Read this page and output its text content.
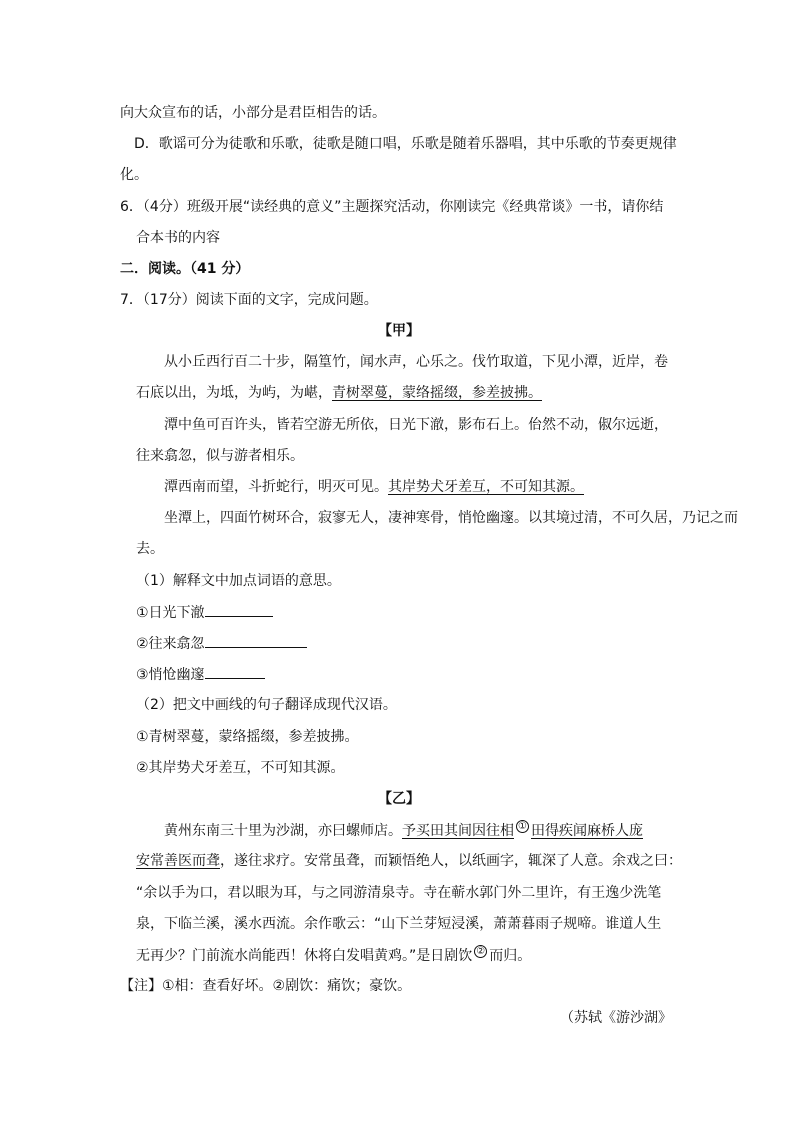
向大众宣布的话，小部分是君臣相告的话。
D．歌谣可分为徒歌和乐歌，徒歌是随口唱，乐歌是随着乐器唱，其中乐歌的节奏更规律
化。
6．（4分）班级开展“读经典的意义”主题探究活动，你刚读完《经典常谈》一书，请你结
合本书的内容
二．阅读。（41 分）
7．（17分）阅读下面的文字，完成问题。
【甲】
从小丘西行百二十步，隔篁竹，闻水声，心乐之。伐竹取道，下见小潭，近岸，卷
石底以出，为坻，为屿，为嵁，青树翠蔓，蒙络摇缀，参差披拂。
潭中鱼可百许头，皆若空游无所依，日光下澈，影布石上。佁然不动，俶尔远逝，
往来翕忽，似与游者相乐。
潭西南而望，斗折蛇行，明灭可见。其岸势犬牙差互，不可知其源。
坐潭上，四面竹树环合，寂寥无人，凄神寒骨，悄怆幽邃。以其境过清，不可久居，乃记之而
去。
（1）解释文中加点词语的意思。
①日光下澈
②往来翕忽
③悄怆幽邃
（2）把文中画线的句子翻译成现代汉语。
①青树翠蔓，蒙络摇缀，参差披拂。
②其岸势犬牙差互，不可知其源。
【乙】
黄州东南三十里为沙湖，亦曰螺师店。予买田其间因往相 ① 田得疾闻麻桥人庞
安常善医而聋，遂往求疗。安常虽聋，而颖悟绝人，以纸画字，辄深了人意。余戏之曰：
“余以手为口，君以眼为耳，与之同游清泉寺。寺在蕲水郭门外二里许，有王逸少洗笔
泉，下临兰溪，溪水西流。余作歌云：“山下兰芽短浸溪，萧萧暮雨子规啼。谁道人生
无再少？门前流水尚能西！休将白发唱黄鸡。”是日剧饮 ② 而归。
【注】①相：查看好坏。②剧饮：痛饮；豪饮。
（苏轼《游沙湖》
